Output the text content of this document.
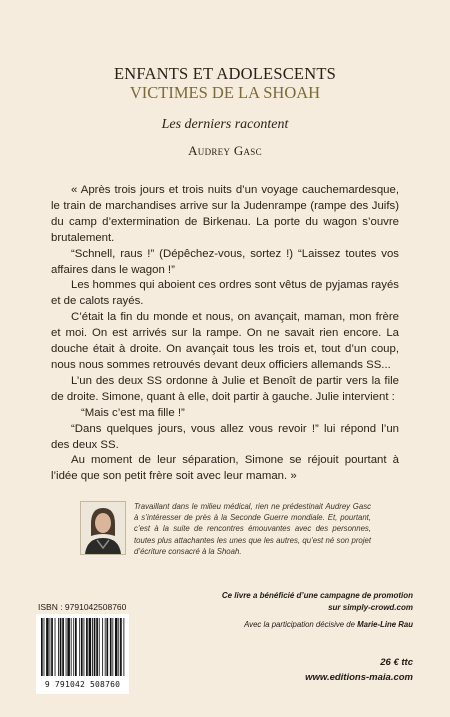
ENFANTS ET ADOLESCENTS
VICTIMES DE LA SHOAH
Les derniers racontent
Audrey Gasc

« Après trois jours et trois nuits d’un voyage cauchemardesque, le train de marchandises arrive sur la Judenrampe (rampe des Juifs) du camp d’extermination de Birkenau. La porte du wagon s’ouvre brutalement.

“Schnell, raus !” (Dépêchez-vous, sortez !) “Laissez toutes vos affaires dans le wagon !”

Les hommes qui aboient ces ordres sont vêtus de pyjamas rayés et de calots rayés.

C’était la fin du monde et nous, on avançait, maman, mon frère et moi. On est arrivés sur la rampe. On ne savait rien encore. La douche était à droite. On avançait tous les trois et, tout d’un coup, nous nous sommes retrouvés devant deux officiers allemands SS...

L’un des deux SS ordonne à Julie et Benoît de partir vers la file de droite. Simone, quant à elle, doit partir à gauche. Julie intervient :

“Mais c’est ma fille !”

“Dans quelques jours, vous allez vous revoir !” lui répond l’un des deux SS.

Au moment de leur séparation, Simone se réjouit pourtant à l’idée que son petit frère soit avec leur maman. »

Travaillant dans le milieu médical, rien ne prédestinait Audrey Gasc à s’intéresser de près à la Seconde Guerre mondiale. Et, pourtant, c’est à la suite de rencontres émouvantes avec des personnes, toutes plus attachantes les unes que les autres, qu’est né son projet d’écriture consacré à la Shoah.
ISBN : 9791042508760
9 791042 508760
Ce livre a bénéficié d’une campagne de promotion
sur simply-crowd.com
Avec la participation décisive de Marie-Line Rau
26 € ttc
www.editions-maia.com
